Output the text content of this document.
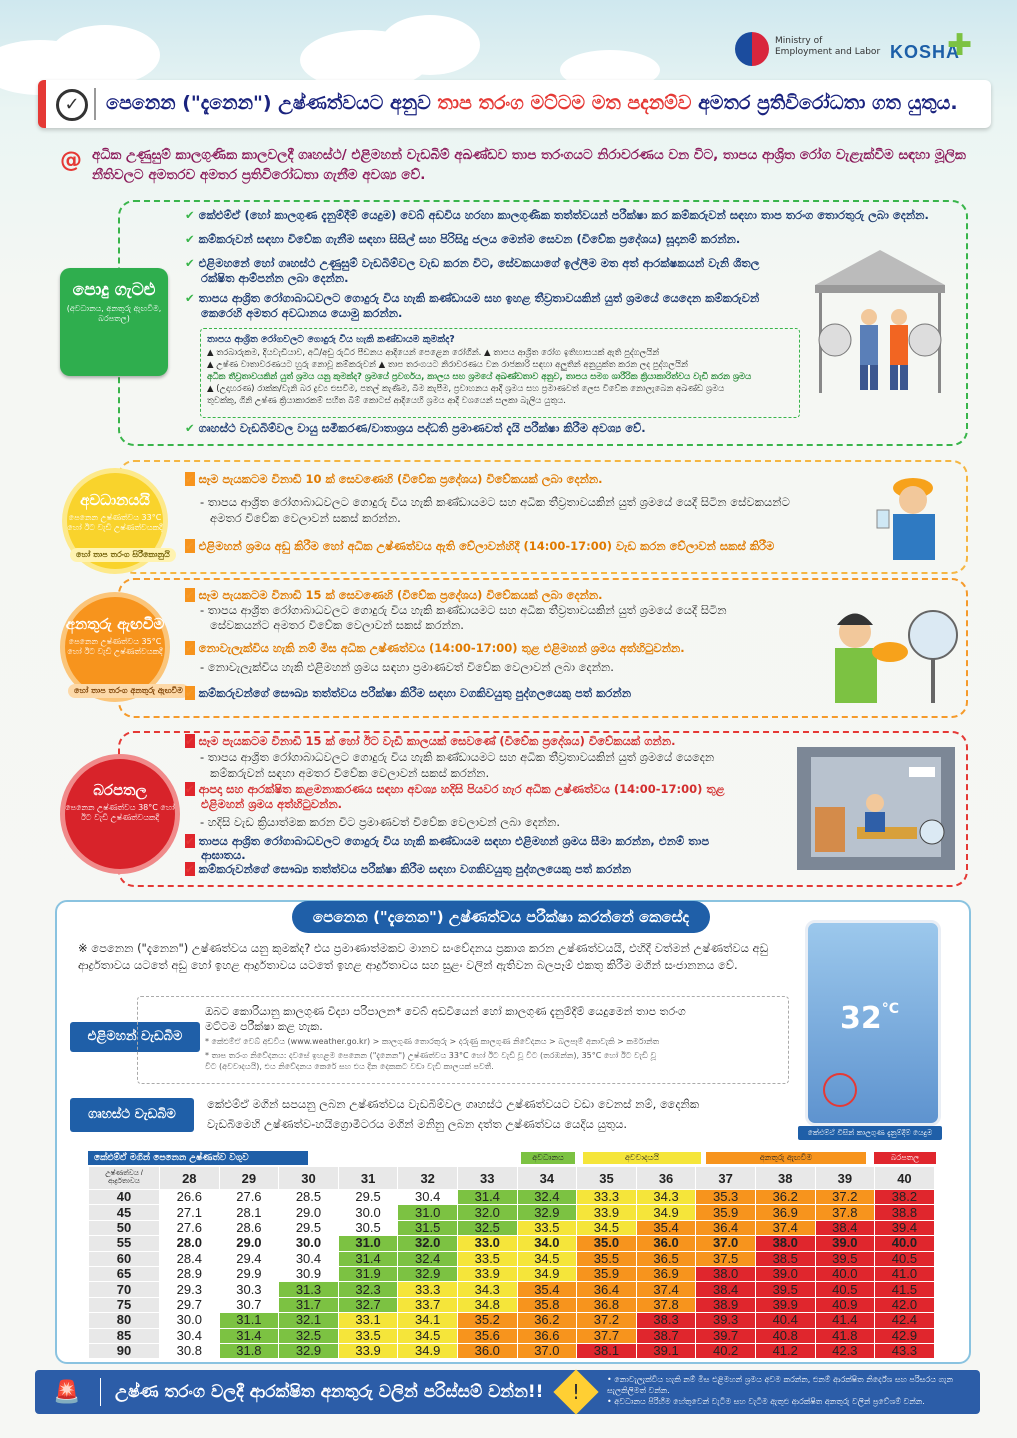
Ministry of
Employment and Labor KOSHA
✚
✓	පෙනෙන ("දැනෙන") උෂ්ණත්වයට අනුව තාප තරංග මට්ටම මත පදනම්ව අමතර ප්‍රතිවිරෝධතා ගත යුතුය.
@ අධික උණුසුම් කාලගුණික කාලවලදී ගෘහස්ථ/ එළිමහන් වැඩබිම් අඛණ්ඩව තාප තරංගයට නිරාවරණය වන විට, තාපය ආශ්‍රිත රෝග වැළැක්වීම සඳහා මූලික නීතිවලට අමතරව අමතර ප්‍රතිවිරෝධතා ගැනීම අවශ්‍ය වේ.
පොදු ගැටළු
(අවධානය, අනතුරු ඇඟවීම, බරපතල)
✔ කේඑම්ඒ (හෝ කාලගුණ දැනුම්දීම් යෙදුම) වෙබ් අඩවිය හරහා කාලගුණික තත්ත්වයන් පරීක්ෂා කර කම්කරුවන් සඳහා තාප තරංග තොරතුරු ලබා දෙන්න.
✔ කම්කරුවන් සඳහා විවේක ගැනීම සඳහා සිසිල් සහ පිරිසිදු ජලය මෙන්ම සෙවන (විවේක ප්‍රදේශය) සූදානම් කරන්න.
✔ එළිමහනේ හෝ ගෘහස්ථ උණුසුම් වැඩබිම්වල වැඩ කරන විට, සේවකයාගේ ඉල්ලීම මත අත් ආරක්ෂකයන් වැනි ශීතල
රක්ෂිත ආම්පන්න ලබා දෙන්න.
✔ තාපය ආශ්‍රිත රෝගාබාධවලට ගොදුරු විය හැකි කණ්ඩායම සහ ඉහළ තීව්‍රතාවයකින් යුත් ශ්‍රමයේ යෙදෙන කම්කරුවන්
කෙරෙහි අමතර අවධානය යොමු කරන්න.
තාපය ආශ්‍රිත රෝගවලට ගොදුරු විය හැකි කණ්ඩායම කුමක්ද?
▲ තරබාරුකම, දියවැඩියාව, අධි/අඩු රුධිර පීඩනය ආදියෙන් පෙළෙන රෝගීන්. ▲ තාපය ආශ්‍රිත රෝග ඉතිහාසයක් ඇති පුද්ගලයින්
▲ උෂ්ණ වාතාවරණයට හුරු නොවූ කම්කරුවන් ▲ තාප තරංගයට නිරාවරණය වන රාජකාරි සඳහා අලුතින් අනුයුක්ත කරන ලද පුද්ගලයින්
අධික තීව්‍රතාවයකින් යුත් ශ්‍රමය යනු කුමක්ද? ශ්‍රමයේ ප්‍රවර්ගය, කාලය සහ ශ්‍රමයේ අඛණ්ඩතාව අනුව, තාපය සමග ශාරීරික ක්‍රියාකාරිත්වය වැඩි කරන ශ්‍රමය
▲ (උදාහරණ) රාක්ක/වැනි බර ද්‍රව්‍ය එසවීම, පතල් කැණීම, බිම කැපීම, ප්‍රවාහනය ආදී ශ්‍රමය සහ ප්‍රමාණවත් ලෙස විවේක නොලැබෙන අඛණ්ඩ ශ්‍රමය
තුවක්කු, ගිනි උෂ්ණ ක්‍රියාකාරකම් සහිත බිම් කොටස් ආදියෙහි ශ්‍රමය ආදී වශයෙන් සලකා බැලිය යුතුය.
✔ ගෘහස්ථ වැඩබිම්වල වායු සමීකරණ/වාතාශ්‍රය පද්ධති ප්‍රමාණවත් දැයි පරීක්ෂා කිරීම අවශ්‍ය වේ.
අවධානයයි
පෙනෙන උෂ්ණත්වය 33°C හෝ ඊට වැඩි උෂ්ණත්වයකදී
හෝ තාප තරංග සිරීකොනුයි
✔ සෑම පැයකටම විනාඩි 10 ක් සෙවණෙහි (විවේක ප්‍රදේශය) විවේකයක් ලබා දෙන්න.
- තාපය ආශ්‍රිත රෝගාබාධවලට ගොදුරු විය හැකි කණ්ඩායමට සහ අධික තීව්‍රතාවයකින් යුත් ශ්‍රමයේ යෙදී සිටින සේවකයන්ට
අමතර විවේක වෙලාවන් සකස් කරන්න.
✔ එළිමහන් ශ්‍රමය අඩු කිරීම හෝ අධික උෂ්ණත්වය ඇති වේලාවන්හිදී (14:00-17:00) වැඩ කරන වේලාවන් සකස් කිරීම
අනතුරු ඇඟවීම
පෙනෙන උෂ්ණත්වය 35°C හෝ ඊට වැඩි උෂ්ණත්වයකදී
හෝ තාප තරංග අනතුරු ඇඟවීම
✔ සෑම පැයකටම විනාඩි 15 ක් සෙවණෙහි (විවේක ප්‍රදේශය) විවේකයක් ලබා දෙන්න.
- තාපය ආශ්‍රිත රෝගාබාධවලට ගොදුරු විය හැකි කණ්ඩායමට සහ අධික තීව්‍රතාවයකින් යුත් ශ්‍රමයේ යෙදී සිටින
සේවකයන්ට අමතර විවේක වෙලාවන් සකස් කරන්න.
✔ නොවැලැක්විය හැකි නම් මිස අධික උෂ්ණත්වය (14:00-17:00) තුළ එළිමහන් ශ්‍රමය අත්හිටුවන්න.
- නොවැලැක්විය හැකි එළිමහන් ශ්‍රමය සඳහා ප්‍රමාණවත් විවේක වෙලාවන් ලබා දෙන්න.
✔ කම්කරුවන්ගේ සෞඛ්‍ය තත්ත්වය පරීක්ෂා කිරීම සඳහා වගකිවයුතු පුද්ගලයෙකු පත් කරන්න
බරපතල
පෙනෙන උෂ්ණත්වය 38°C හෝ ඊට වැඩි උෂ්ණත්වයකදී
✔ සෑම පැයකටම විනාඩි 15 ක් හෝ ඊට වැඩි කාලයක් සෙවණේ (විවේක ප්‍රදේශය) විවේකයක් ගන්න.
- තාපය ආශ්‍රිත රෝගාබාධවලට ගොදුරු විය හැකි කණ්ඩායමට සහ අධික තීව්‍රතාවයකින් යුත් ශ්‍රමයේ යෙදෙන
කම්කරුවන් සඳහා අමතර විවේක වෙලාවන් සකස් කරන්න.
✔ ආපදා සහ ආරක්ෂිත කළමනාකරණය සඳහා අවශ්‍ය හදිසි පියවර හැර අධික උෂ්ණත්වය (14:00-17:00) තුළ
එළිමහන් ශ්‍රමය අත්හිටුවන්න.
- හදිසි වැඩ ක්‍රියාත්මක කරන විට ප්‍රමාණවත් විවේක වෙලාවන් ලබා දෙන්න.
✔ තාපය ආශ්‍රිත රෝගාබාධවලට ගොදුරු විය හැකි කණ්ඩායම සඳහා එළිමහන් ශ්‍රමය සීමා කරන්න, එනම් තාප
ආඝාතය.
✔ කම්කරුවන්ගේ සෞඛ්‍ය තත්ත්වය පරීක්ෂා කිරීම සඳහා වගකිවයුතු පුද්ගලයෙකු පත් කරන්න
පෙනෙන ("දැනෙන") උෂ්ණත්වය පරීක්ෂා කරන්නේ කෙසේද
※ පෙනෙන ("දැනෙන") උෂ්ණත්වය යනු කුමක්ද? එය ප්‍රමාණාත්මකව මානව සංවේදනය ප්‍රකාශ කරන උෂ්ණත්වයයි, එහිදී වත්මන් උෂ්ණත්වය අඩු ආර්ද්‍රතාවය යටතේ අඩු හෝ ඉහළ ආර්ද්‍රතාවය යටතේ ඉහළ ආර්ද්‍රතාවය සහ සුළං වලින් ඇතිවන බලපෑම් එකතු කිරීම මගින් සංජානනය වේ.
එළිමහන් වැඩබිම
ඔබට කොරියානු කාලගුණ විද්‍යා පරිපාලන* වෙබ් අඩවියෙන් හෝ කාලගුණ දැනුම්දීම් යෙදුමෙන් තාප තරංග
මට්ටම පරීක්ෂා කළ හැක.
* කේඑම්ඒ වෙබ් අඩවිය (www.weather.go.kr) > කාලගුණ තොරතුරු > දරුණු කාලගුණ නිවේදනය > බලපෑම් අනාවැකි > කර්මාන්ත
* තාප තරංග නිවේදනය: දවසේ ඉහළම පෙනෙන ("දැනෙන") උෂ්ණත්වය 33°C හෝ ඊට වැඩි වූ විට (තරඹන්න), 35°C හෝ ඊට වැඩි වූ
විට (අවවාදයයි), එය නිවේදනය කෙරේ සහ එය දින දෙකකට වඩා වැඩි කාලයක් පවතී.
ගෘහස්ථ වැඩබිම
කේඑම්ඒ මගින් සපයනු ලබන උෂ්ණත්වය වැඩබිම්වල ගෘහස්ථ උෂ්ණත්වයට වඩා වෙනස් නම්, දෛනික
වැඩබිමෙහි උෂ්ණත්ව-හයිග්‍රොමීටරය මගින් මනිනු ලබන දත්ත උෂ්ණත්වය යෙදිය යුතුය.
$32^{^\circ C}$
කේඑම්ඒ විසින් කාලගුණ දැනුම්දීම් යෙදුම
කේඑම්ඒ මගින් පෙනෙන උෂ්ණත්ව වගුව	අවධානය	අවවාදයයි	අනතුරු ඇඟවීම	බරපතල
උෂ්ණත්වය / ආර්ද්‍රතාවය	28	29	30	31	32	33	34	35	36	37	38	39	40
40	26.6	27.6	28.5	29.5	30.4	31.4	32.4	33.3	34.3	35.3	36.2	37.2	38.2
45	27.1	28.1	29.0	30.0	31.0	32.0	32.9	33.9	34.9	35.9	36.9	37.8	38.8
50	27.6	28.6	29.5	30.5	31.5	32.5	33.5	34.5	35.4	36.4	37.4	38.4	39.4
55	28.0	29.0	30.0	31.0	32.0	33.0	34.0	35.0	36.0	37.0	38.0	39.0	40.0
60	28.4	29.4	30.4	31.4	32.4	33.5	34.5	35.5	36.5	37.5	38.5	39.5	40.5
65	28.9	29.9	30.9	31.9	32.9	33.9	34.9	35.9	36.9	38.0	39.0	40.0	41.0
70	29.3	30.3	31.3	32.3	33.3	34.3	35.4	36.4	37.4	38.4	39.5	40.5	41.5
75	29.7	30.7	31.7	32.7	33.7	34.8	35.8	36.8	37.8	38.9	39.9	40.9	42.0
80	30.0	31.1	32.1	33.1	34.1	35.2	36.2	37.2	38.3	39.3	40.4	41.4	42.4
85	30.4	31.4	32.5	33.5	34.5	35.6	36.6	37.7	38.7	39.7	40.8	41.8	42.9
90	30.8	31.8	32.9	33.9	34.9	36.0	37.0	38.1	39.1	40.2	41.2	42.3	43.3
🚨 උෂ්ණ තරංග වලදී ආරක්ෂිත අනතුරු වලින් පරිස්සම් වන්න!!	!
• නොවැලැක්විය හැකි නම් මිස එළිමහන් ශ්‍රමය අවම කරන්න, එනම් ආරක්ෂිත නිර්දේශ සහ පරිසරය ගැන සැලකිලිමත් වන්න.
• අවධානය පිරිහීම හේතුවෙන් වැටීම සහ වැටීම ඇතුළු ආරක්ෂිත අනතුරු වලින් ප්‍රවේශම් වන්න.
